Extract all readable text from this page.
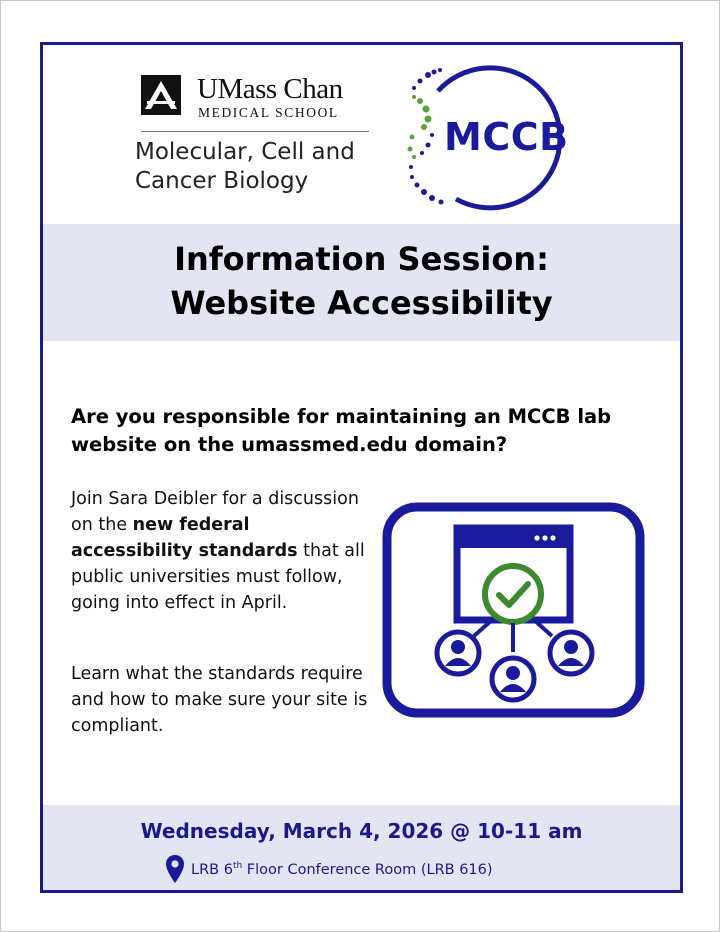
UMass Chan
MEDICAL SCHOOL
Molecular, Cell and
Cancer Biology
MCCB
Information Session:
Website Accessibility
Are you responsible for maintaining an MCCB lab website on the umassmed.edu domain?
Join Sara Deibler for a discussion on the new federal accessibility standards that all public universities must follow, going into effect in April.
Learn what the standards require and how to make sure your site is compliant.
Wednesday, March 4, 2026 @ 10-11 am
LRB 6th Floor Conference Room (LRB 616)
